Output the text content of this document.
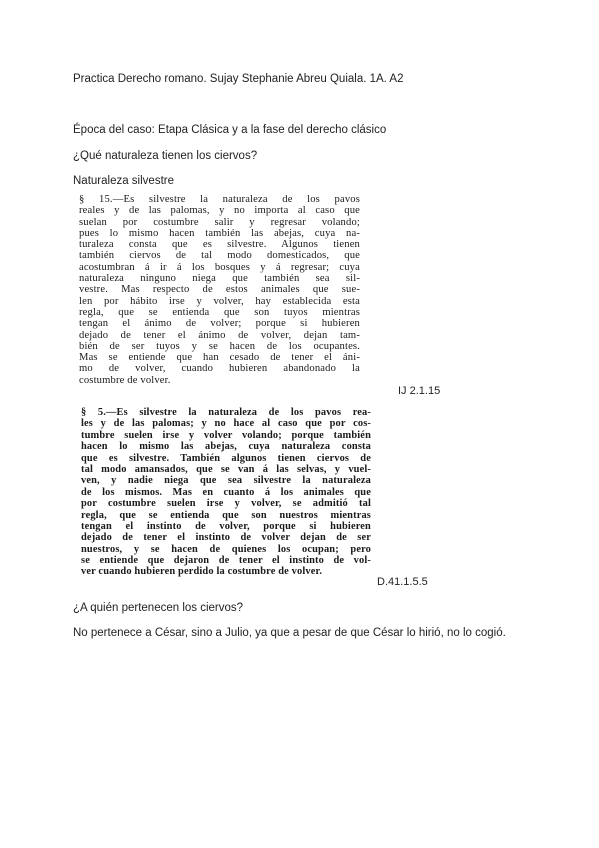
Practica Derecho romano. Sujay Stephanie Abreu Quiala. 1A. A2
Época del caso: Etapa Clásica y a la fase del derecho clásico
¿Qué naturaleza tienen los ciervos?
Naturaleza silvestre
§ 15.—Es silvestre la naturaleza de los pavos
reales y de las palomas, y no importa al caso que
suelan por costumbre salir y regresar volando;
pues lo mismo hacen también las abejas, cuya na-
turaleza consta que es silvestre. Algunos tienen
también ciervos de tal modo domesticados, que
acostumbran á ir á los bosques y á regresar; cuya
naturaleza ninguno niega que también sea sil-
vestre. Mas respecto de estos animales que sue-
len por hábito irse y volver, hay establecida esta
regla, que se entienda que son tuyos mientras
tengan el ánimo de volver; porque si hubieren
dejado de tener el ánimo de volver, dejan tam-
bién de ser tuyos y se hacen de los ocupantes.
Mas se entiende que han cesado de tener el áni-
mo de volver, cuando hubieren abandonado la
costumbre de volver.
IJ 2.1.15
§ 5.—Es silvestre la naturaleza de los pavos rea-
les y de las palomas; y no hace al caso que por cos-
tumbre suelen irse y volver volando; porque también
hacen lo mismo las abejas, cuya naturaleza consta
que es silvestre. También algunos tienen ciervos de
tal modo amansados, que se van á las selvas, y vuel-
ven, y nadie niega que sea silvestre la naturaleza
de los mismos. Mas en cuanto á los animales que
por costumbre suelen irse y volver, se admitió tal
regla, que se entienda que son nuestros mientras
tengan el instinto de volver, porque si hubieren
dejado de tener el instinto de volver dejan de ser
nuestros, y se hacen de quienes los ocupan; pero
se entiende que dejaron de tener el instinto de vol-
ver cuando hubieren perdido la costumbre de volver.
D.41.1.5.5
¿A quién pertenecen los ciervos?
No pertenece a César, sino a Julio, ya que a pesar de que César lo hirió, no lo cogió.
